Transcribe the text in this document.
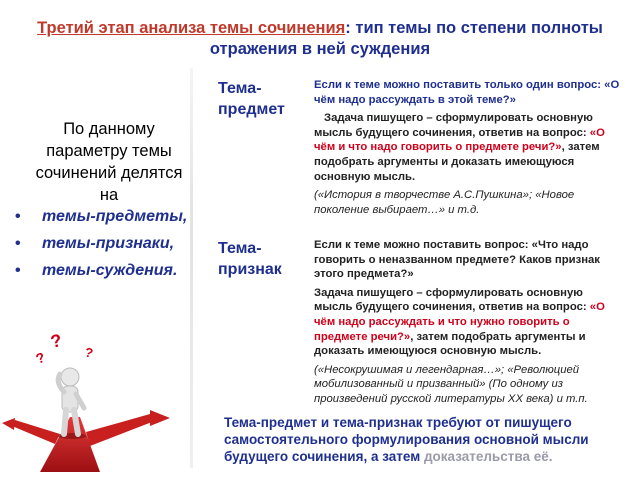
Третий этап анализа темы сочинения: тип темы по степени полноты отражения в ней суждения
По данному параметру темы сочинений делятся на
• темы-предметы,
• темы-признаки,
• темы-суждения.
?
?	?
Тема-предмет

Если к теме можно поставить только один вопрос: «О чём надо рассуждать в этой теме?»

Задача пишущего – сформулировать основную мысль будущего сочинения, ответив на вопрос: «О чём и что надо говорить о предмете речи?», затем подобрать аргументы и доказать имеющуюся основную мысль.

(«История в творчестве А.С.Пушкина»; «Новое поколение выбирает…» и т.д.

Тема-признак

Если к теме можно поставить вопрос: «Что надо говорить о неназванном предмете? Каков признак этого предмета?»

Задача пишущего – сформулировать основную мысль будущего сочинения, ответив на вопрос: «О чём надо рассуждать и что нужно говорить о предмете речи?», затем подобрать аргументы и доказать имеющуюся основную мысль.

(«Несокрушимая и легендарная…»; «Революцией мобилизованный и призванный» (По одному из произведений русской литературы XX века) и т.п.

Тема-предмет и тема-признак требуют от пишущего самостоятельного формулирования основной мысли будущего сочинения, а затем доказательства её.
